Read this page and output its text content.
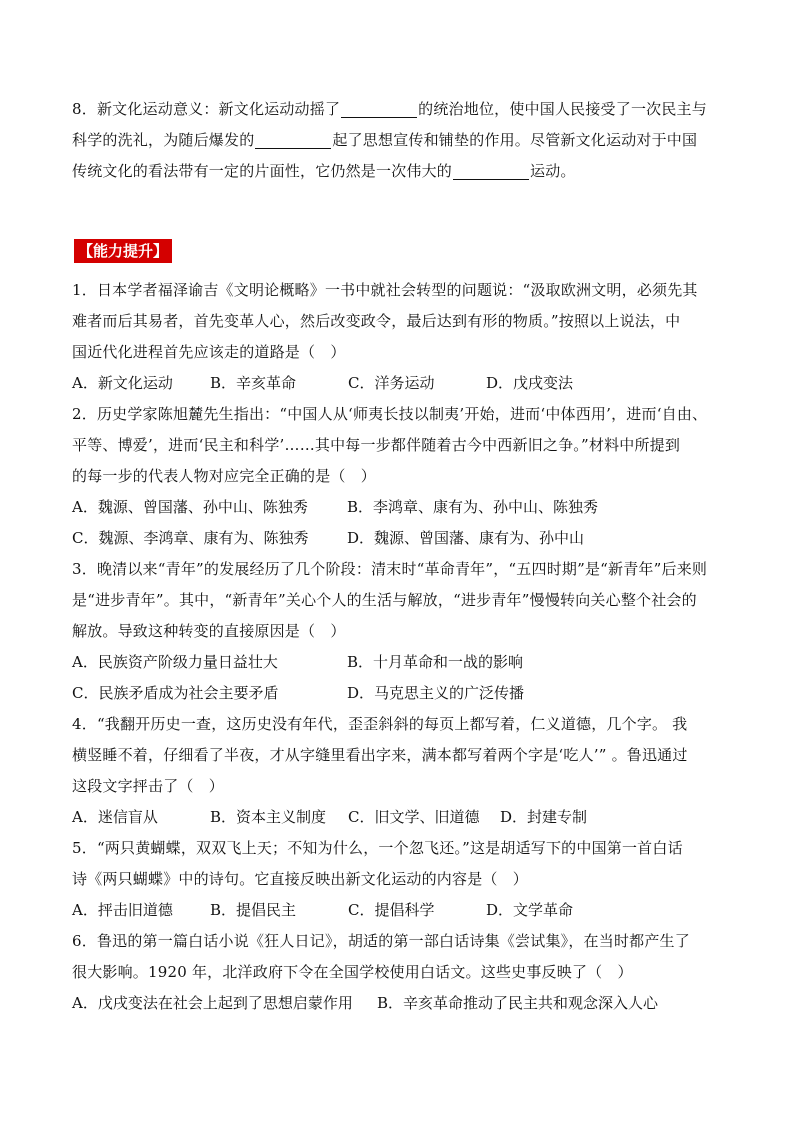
8．新文化运动意义：新文化运动动摇了	的统治地位，使中国人民接受了一次民主与
科学的洗礼，为随后爆发的	起了思想宣传和铺垫的作用。尽管新文化运动对于中国
传统文化的看法带有一定的片面性，它仍然是一次伟大的	运动。
【能力提升】
1．日本学者福泽谕吉《文明论概略》一书中就社会转型的问题说：“汲取欧洲文明，必须先其
难者而后其易者，首先变革人心，然后改变政令，最后达到有形的物质。”按照以上说法，中
国近代化进程首先应该走的道路是（　）
A．新文化运动	B．辛亥革命	C．洋务运动	D．戊戌变法
2．历史学家陈旭麓先生指出：“中国人从‘师夷长技以制夷’开始，进而‘中体西用’，进而‘自由、
平等、博爱’，进而‘民主和科学’……其中每一步都伴随着古今中西新旧之争。”材料中所提到
的每一步的代表人物对应完全正确的是（　）
A．魏源、曾国藩、孙中山、陈独秀	B．李鸿章、康有为、孙中山、陈独秀
C．魏源、李鸿章、康有为、陈独秀	D．魏源、曾国藩、康有为、孙中山
3．晚清以来“青年”的发展经历了几个阶段：清末时“革命青年”，“五四时期”是“新青年”后来则
是“进步青年”。其中，“新青年”关心个人的生活与解放，“进步青年”慢慢转向关心整个社会的
解放。导致这种转变的直接原因是（　）
A．民族资产阶级力量日益壮大	B．十月革命和一战的影响
C．民族矛盾成为社会主要矛盾	D．马克思主义的广泛传播
4．“我翻开历史一查，这历史没有年代，歪歪斜斜的每页上都写着，仁义道德，几个字。 我
横竖睡不着，仔细看了半夜，才从字缝里看出字来，满本都写着两个字是‘吃人’” 。鲁迅通过
这段文字抨击了（　）
A．迷信盲从	B．资本主义制度	C．旧文学、旧道德	D．封建专制
5．“两只黄蝴蝶，双双飞上天；不知为什么，一个忽飞还。”这是胡适写下的中国第一首白话
诗《两只蝴蝶》中的诗句。它直接反映出新文化运动的内容是（　）
A．抨击旧道德	B．提倡民主	C．提倡科学	D．文学革命
6．鲁迅的第一篇白话小说《狂人日记》，胡适的第一部白话诗集《尝试集》，在当时都产生了
很大影响。1920 年，北洋政府下令在全国学校使用白话文。这些史事反映了（　）
A．戊戌变法在社会上起到了思想启蒙作用	B．辛亥革命推动了民主共和观念深入人心
